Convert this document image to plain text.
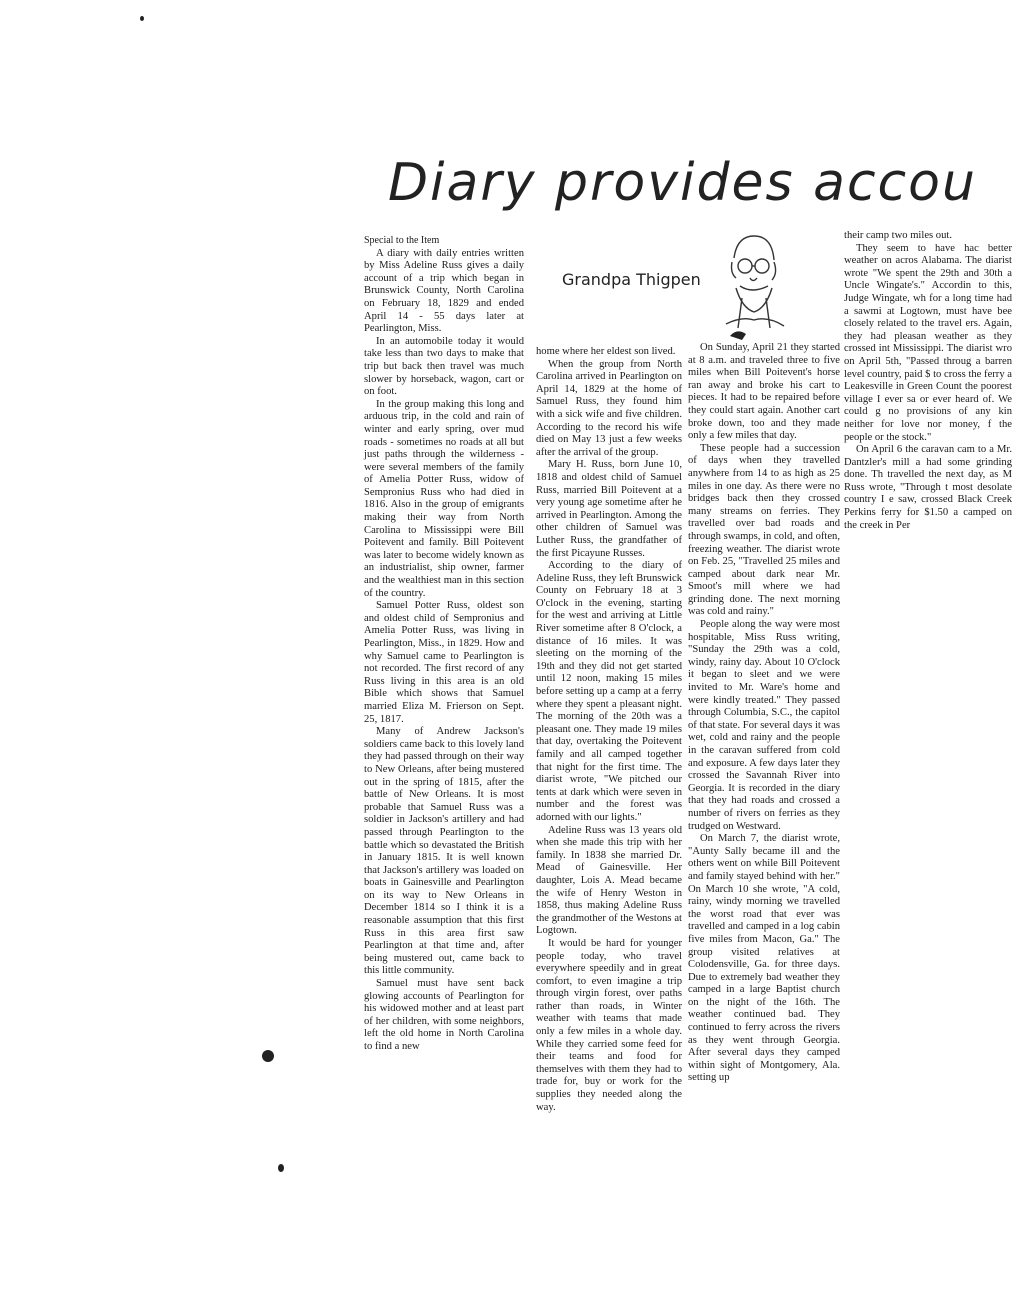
Diary provides accou
Grandpa Thigpen

Special to the Item

A diary with daily entries written by Miss Adeline Russ gives a daily account of a trip which began in Brunswick County, North Carolina on February 18, 1829 and ended April 14 - 55 days later at Pearlington, Miss.

In an automobile today it would take less than two days to make that trip but back then travel was much slower by horseback, wagon, cart or on foot.

In the group making this long and arduous trip, in the cold and rain of winter and early spring, over mud roads - sometimes no roads at all but just paths through the wilderness - were several members of the family of Amelia Potter Russ, widow of Sempronius Russ who had died in 1816. Also in the group of emigrants making their way from North Carolina to Mississippi were Bill Poitevent and family. Bill Poitevent was later to become widely known as an industrialist, ship owner, farmer and the wealthiest man in this section of the country.

Samuel Potter Russ, oldest son and oldest child of Sempronius and Amelia Potter Russ, was living in Pearlington, Miss., in 1829. How and why Samuel came to Pearlington is not recorded. The first record of any Russ living in this area is an old Bible which shows that Samuel married Eliza M. Frierson on Sept. 25, 1817.

Many of Andrew Jackson's soldiers came back to this lovely land they had passed through on their way to New Orleans, after being mustered out in the spring of 1815, after the battle of New Orleans. It is most probable that Samuel Russ was a soldier in Jackson's artillery and had passed through Pearlington to the battle which so devastated the British in January 1815. It is well known that Jackson's artillery was loaded on boats in Gainesville and Pearlington on its way to New Orleans in December 1814 so I think it is a reasonable assumption that this first Russ in this area first saw Pearlington at that time and, after being mustered out, came back to this little community.

Samuel must have sent back glowing accounts of Pearlington for his widowed mother and at least part of her children, with some neighbors, left the old home in North Carolina to find a new

home where her eldest son lived.

When the group from North Carolina arrived in Pearlington on April 14, 1829 at the home of Samuel Russ, they found him with a sick wife and five children. According to the record his wife died on May 13 just a few weeks after the arrival of the group.

Mary H. Russ, born June 10, 1818 and oldest child of Samuel Russ, married Bill Poitevent at a very young age sometime after he arrived in Pearlington. Among the other children of Samuel was Luther Russ, the grandfather of the first Picayune Russes.

According to the diary of Adeline Russ, they left Brunswick County on February 18 at 3 O'clock in the evening, starting for the west and arriving at Little River sometime after 8 O'clock, a distance of 16 miles. It was sleeting on the morning of the 19th and they did not get started until 12 noon, making 15 miles before setting up a camp at a ferry where they spent a pleasant night. The morning of the 20th was a pleasant one. They made 19 miles that day, overtaking the Poitevent family and all camped together that night for the first time. The diarist wrote, "We pitched our tents at dark which were seven in number and the forest was adorned with our lights."

Adeline Russ was 13 years old when she made this trip with her family. In 1838 she married Dr. Mead of Gainesville. Her daughter, Lois A. Mead became the wife of Henry Weston in 1858, thus making Adeline Russ the grandmother of the Westons at Logtown.

It would be hard for younger people today, who travel everywhere speedily and in great comfort, to even imagine a trip through virgin forest, over paths rather than roads, in Winter weather with teams that made only a few miles in a whole day. While they carried some feed for their teams and food for themselves with them they had to trade for, buy or work for the supplies they needed along the way.

On Sunday, April 21 they started at 8 a.m. and traveled three to five miles when Bill Poitevent's horse ran away and broke his cart to pieces. It had to be repaired before they could start again. Another cart broke down, too and they made only a few miles that day.

These people had a succession of days when they travelled anywhere from 14 to as high as 25 miles in one day. As there were no bridges back then they crossed many streams on ferries. They travelled over bad roads and through swamps, in cold, and often, freezing weather. The diarist wrote on Feb. 25, "Travelled 25 miles and camped about dark near Mr. Smoot's mill where we had grinding done. The next morning was cold and rainy."

People along the way were most hospitable, Miss Russ writing, "Sunday the 29th was a cold, windy, rainy day. About 10 O'clock it began to sleet and we were invited to Mr. Ware's home and were kindly treated." They passed through Columbia, S.C., the capitol of that state. For several days it was wet, cold and rainy and the people in the caravan suffered from cold and exposure. A few days later they crossed the Savannah River into Georgia. It is recorded in the diary that they had roads and crossed a number of rivers on ferries as they trudged on Westward.

On March 7, the diarist wrote, "Aunty Sally became ill and the others went on while Bill Poitevent and family stayed behind with her." On March 10 she wrote, "A cold, rainy, windy morning we travelled the worst road that ever was travelled and camped in a log cabin five miles from Macon, Ga." The group visited relatives at Colodensville, Ga. for three days. Due to extremely bad weather they camped in a large Baptist church on the night of the 16th. The weather continued bad. They continued to ferry across the rivers as they went through Georgia. After several days they camped within sight of Montgomery, Ala. setting up

their camp two miles out.

They seem to have hac better weather on acros Alabama. The diarist wrote "We spent the 29th and 30th a Uncle Wingate's." Accordin to this, Judge Wingate, wh for a long time had a sawmi at Logtown, must have bee closely related to the travel ers. Again, they had pleasan weather as they crossed int Mississippi. The diarist wro on April 5th, "Passed throug a barren level country, paid $ to cross the ferry a Leakesville in Green Count the poorest village I ever sa or ever heard of. We could g no provisions of any kin neither for love nor money, f the people or the stock."

On April 6 the caravan cam to a Mr. Dantzler's mill a had some grinding done. Th travelled the next day, as M Russ wrote, "Through t most desolate country I e saw, crossed Black Creek Perkins ferry for $1.50 a camped on the creek in Per
